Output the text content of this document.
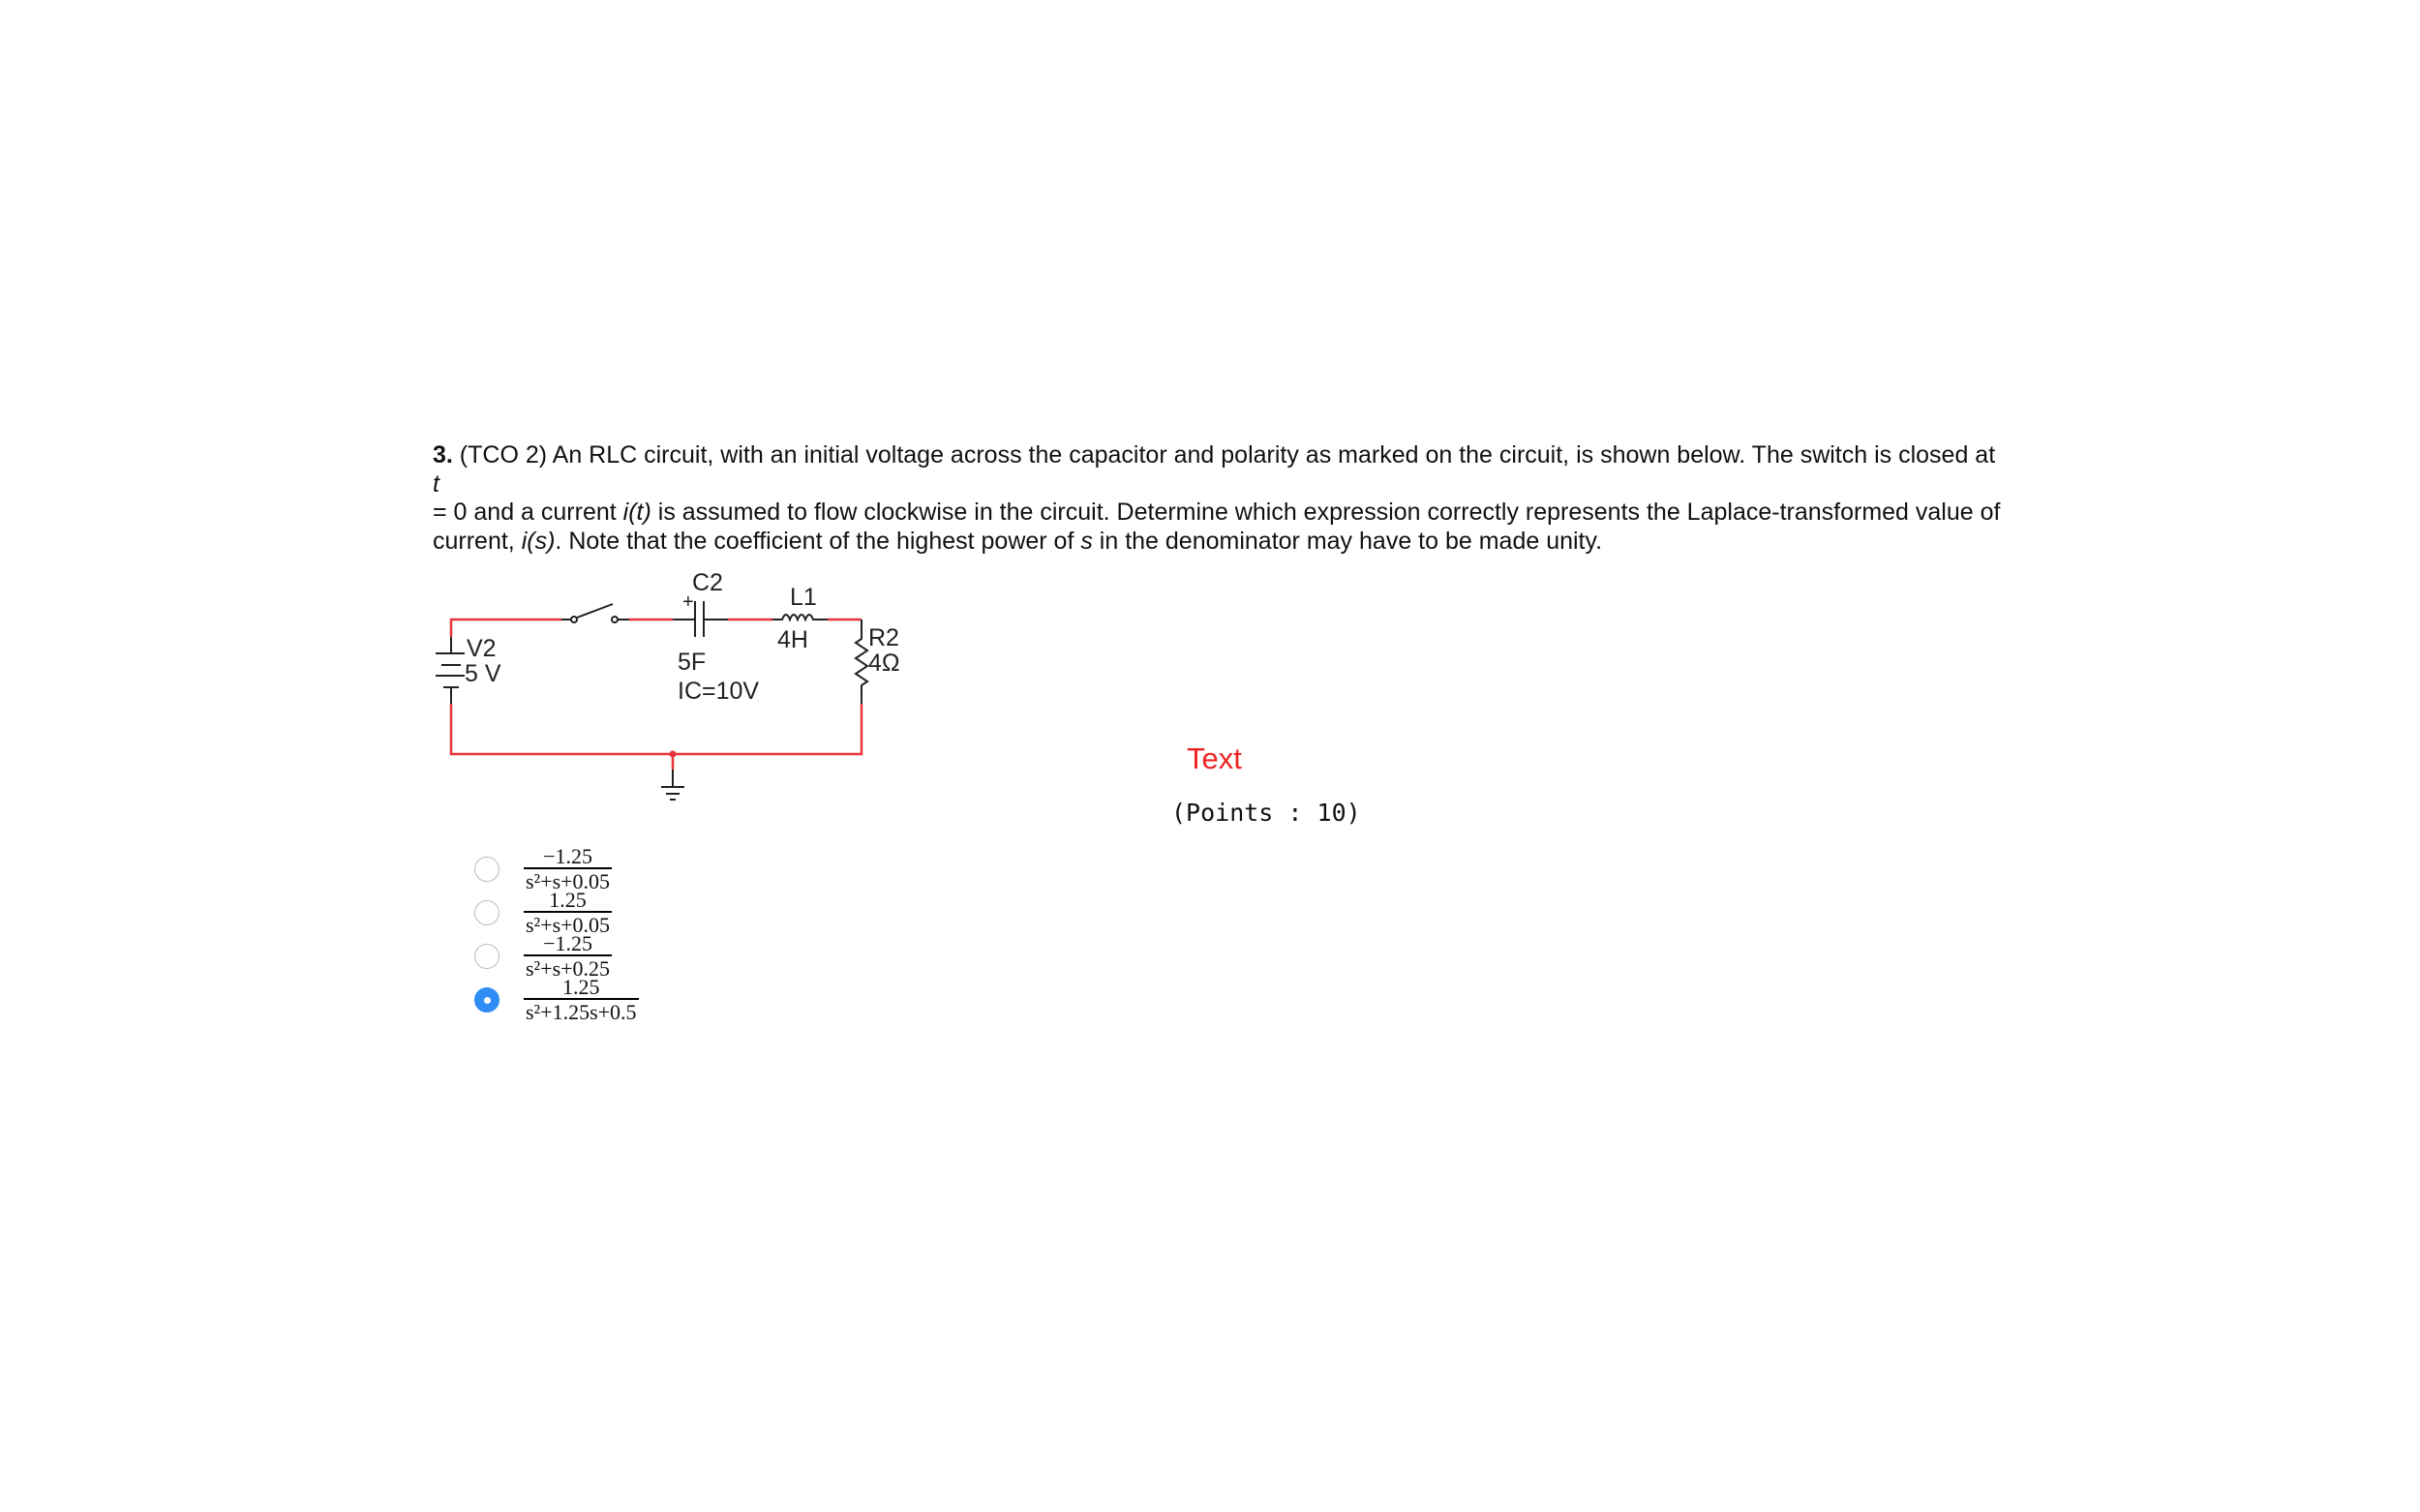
3. (TCO 2) An RLC circuit, with an initial voltage across the capacitor and polarity as marked on the circuit, is shown below. The switch is closed at t
= 0 and a current i(t) is assumed to flow clockwise in the circuit. Determine which expression correctly represents the Laplace-transformed value of current, i(s). Note that the coefficient of the highest power of s in the denominator may have to be made unity.
C2
+
5F
IC=10V
L1
4H R2
4Ω
V2
5 V
Text
(Points : 10)
$\frac{-1.25}{\text{s²+s+0.05}}$
$\frac{1.25}{\text{s²+s+0.05}}$
$\frac{-1.25}{\text{s²+s+0.25}}$
$\frac{1.25}{\text{s²+1.25s+0.5}}$
